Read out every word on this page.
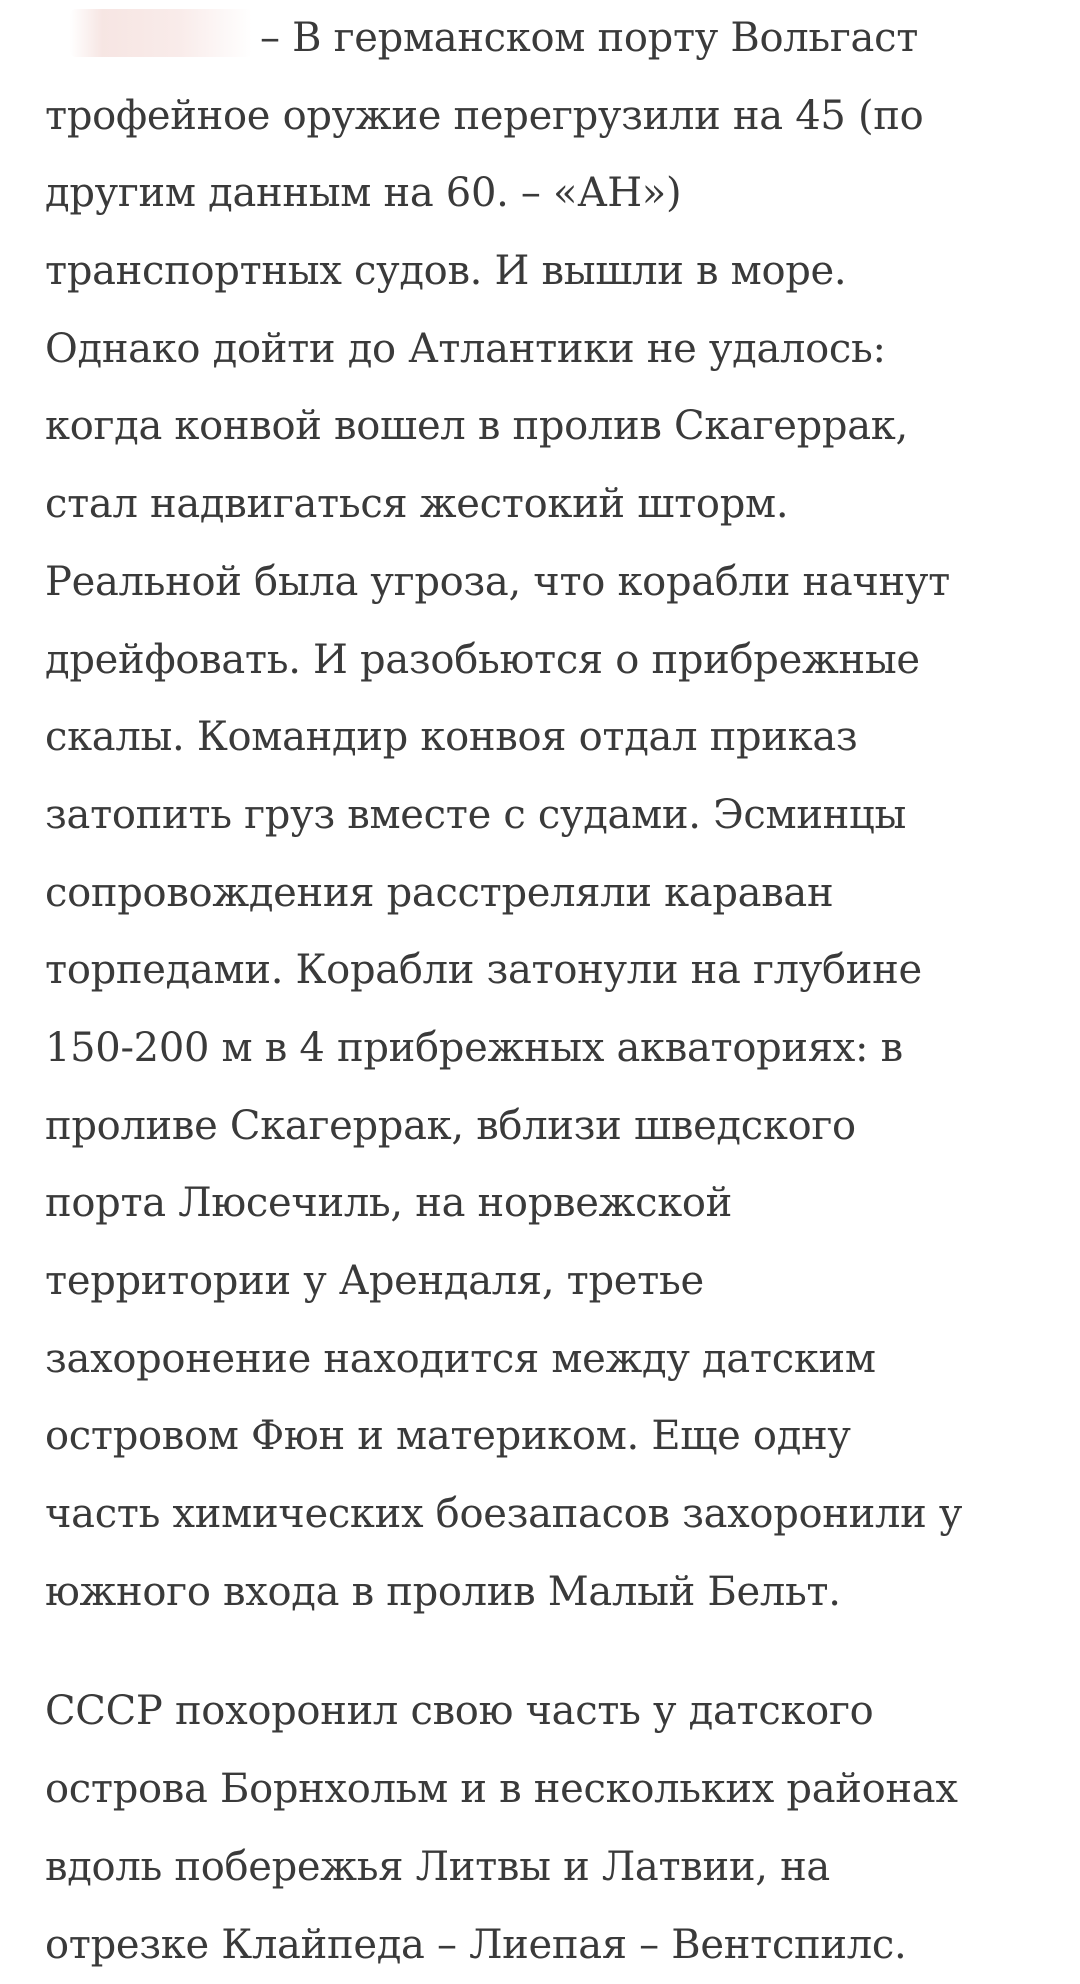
– В германском порту Вольгаст
трофейное оружие перегрузили на 45 (по
другим данным на 60. – «АН»)
транспортных судов. И вышли в море.
Однако дойти до Атлантики не удалось:
когда конвой вошел в пролив Скагеррак,
стал надвигаться жестокий шторм.
Реальной была угроза, что корабли начнут
дрейфовать. И разобьются о прибрежные
скалы. Командир конвоя отдал приказ
затопить груз вместе с судами. Эсминцы
сопровождения расстреляли караван
торпедами. Корабли затонули на глубине
150-200 м в 4 прибрежных акваториях: в
проливе Скагеррак, вблизи шведского
порта Люсечиль, на норвежской
территории у Арендаля, третье
захоронение находится между датским
островом Фюн и материком. Еще одну
часть химических боезапасов захоронили у
южного входа в пролив Малый Бельт.
СССР похоронил свою часть у датского
острова Борнхольм и в нескольких районах
вдоль побережья Литвы и Латвии, на
отрезке Клайпеда – Лиепая – Вентспилс.
